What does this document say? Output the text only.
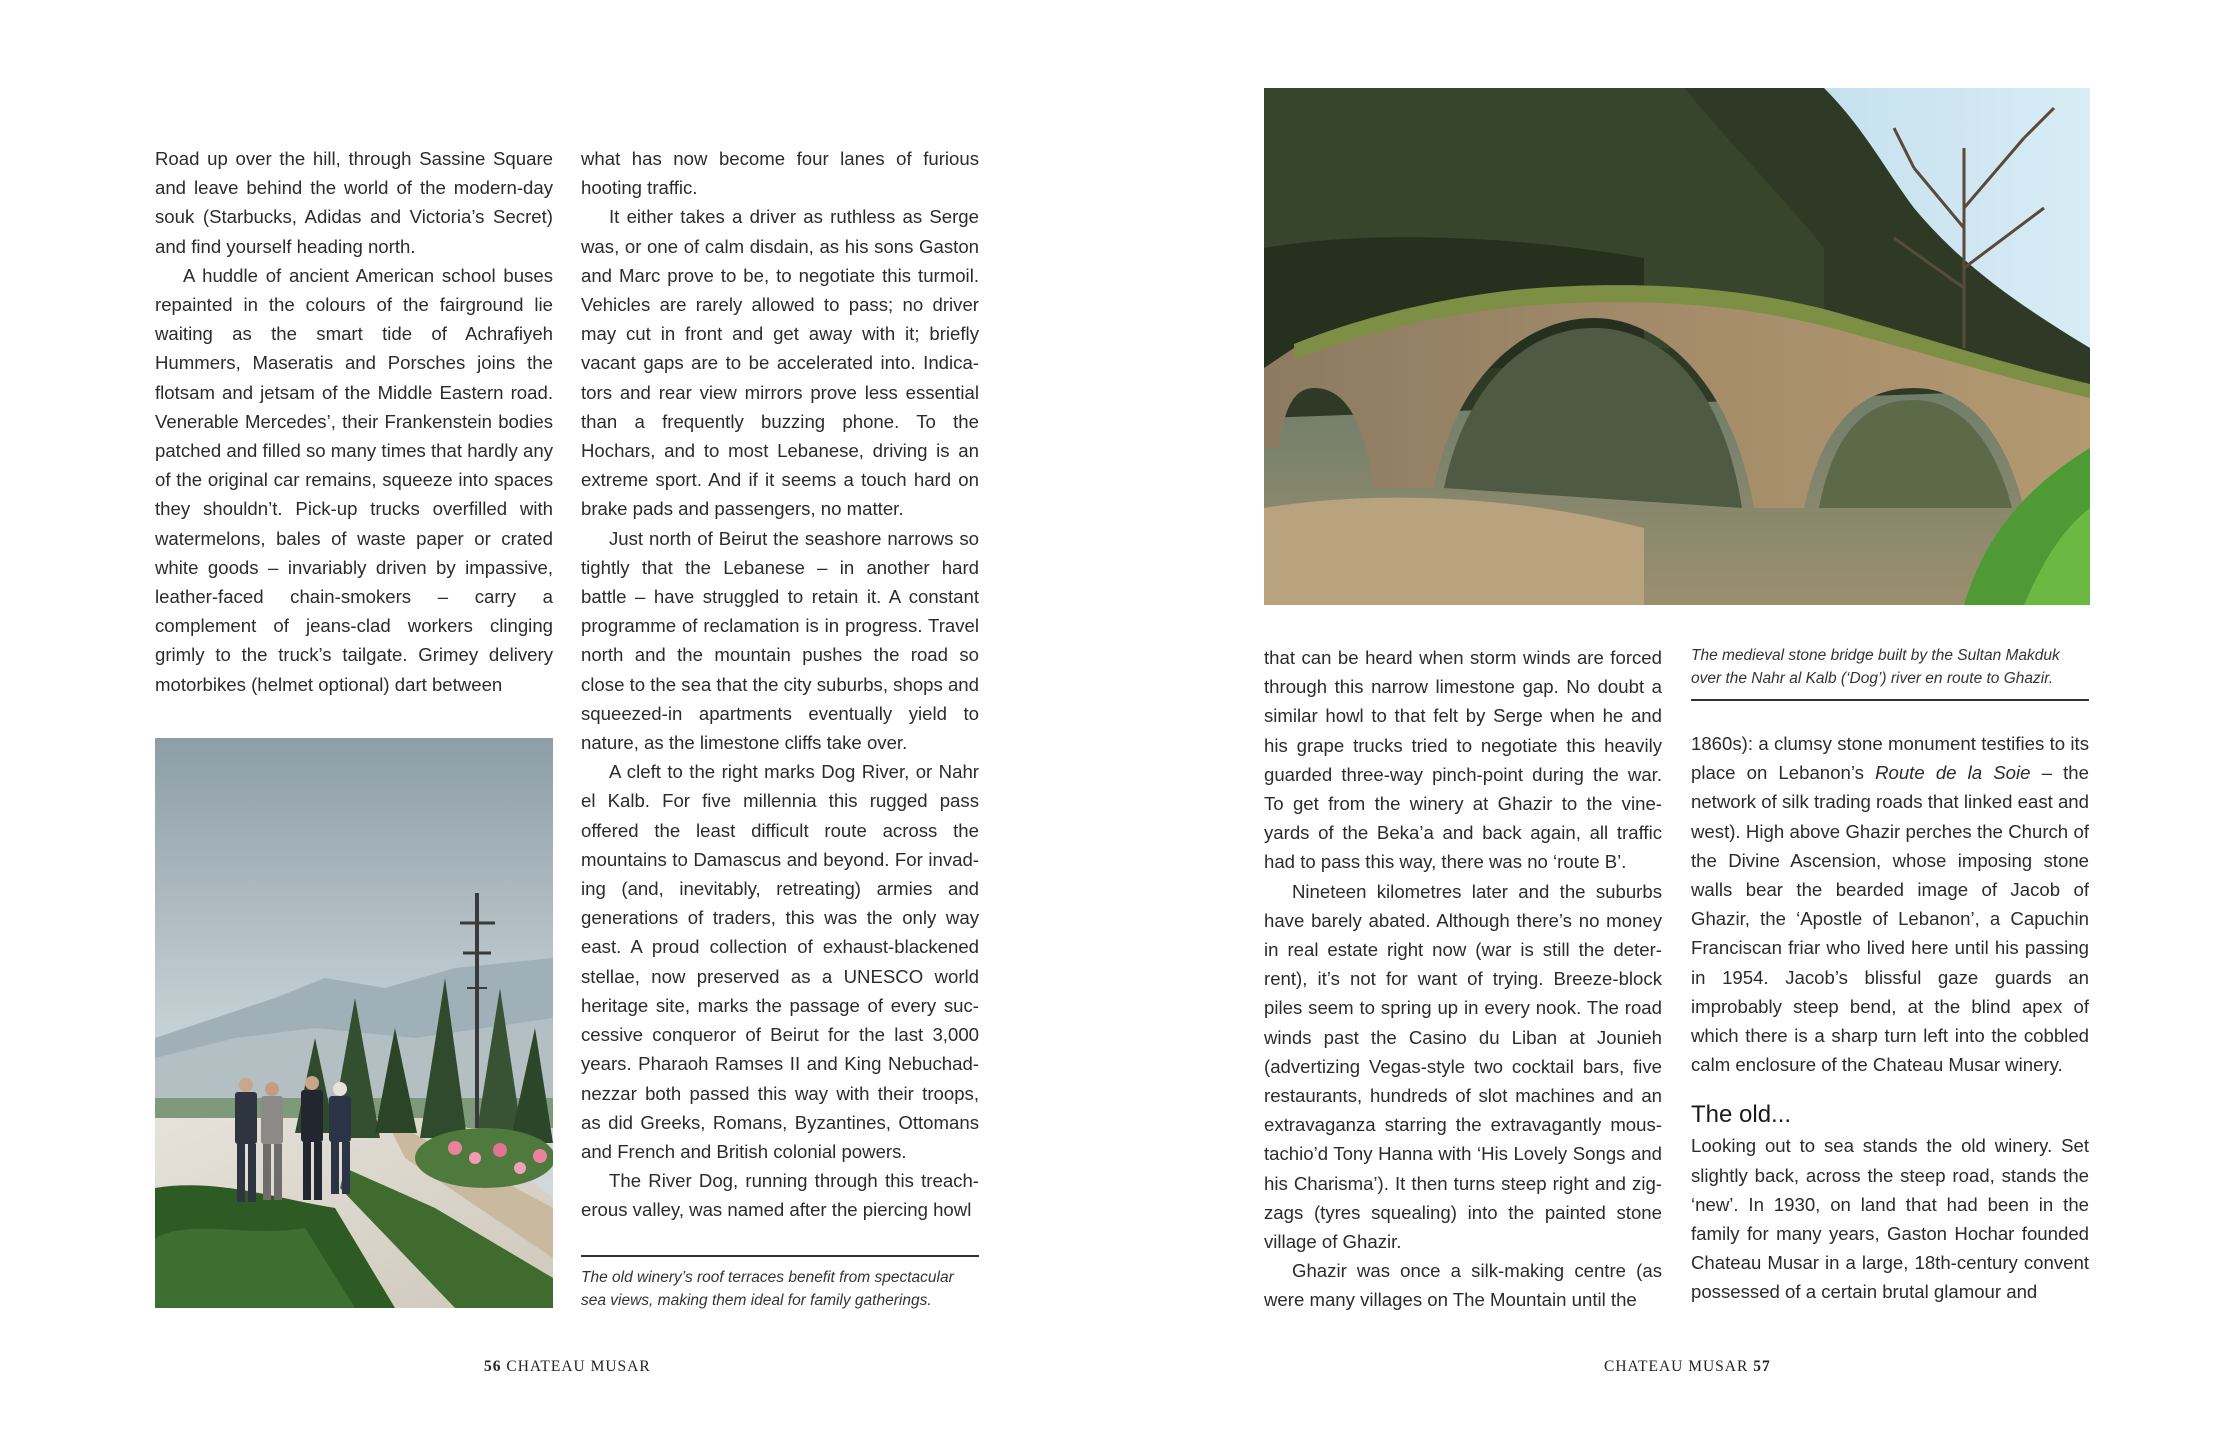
Road up over the hill, through Sassine Square and leave behind the world of the modern-day souk (Starbucks, Adidas and Victoria’s Secret) and find yourself heading north.

A huddle of ancient American school buses repainted in the colours of the fairground lie waiting as the smart tide of Achrafiyeh Hummers, Maseratis and Porsches joins the flotsam and jetsam of the Middle Eastern road. Venerable Mercedes’, their Frankenstein bodies patched and filled so many times that hardly any of the original car remains, squeeze into spaces they shouldn’t. Pick-up trucks overfilled with watermelons, bales of waste paper or crated white goods – invariably driven by impassive, leather-faced chain-smokers – carry a complement of jeans-clad workers clinging grimly to the truck’s tailgate. Grimey delivery motorbikes (helmet optional) dart between

what has now become four lanes of furious hooting traffic.

It either takes a driver as ruthless as Serge was, or one of calm disdain, as his sons Gaston and Marc prove to be, to negotiate this turmoil. Vehicles are rarely allowed to pass; no driver may cut in front and get away with it; briefly vacant gaps are to be accelerated into. Indicators and rear view mirrors prove less essential than a frequently buzzing phone. To the Hochars, and to most Lebanese, driving is an extreme sport. And if it seems a touch hard on brake pads and passengers, no matter.

Just north of Beirut the seashore narrows so tightly that the Lebanese – in another hard battle – have struggled to retain it. A constant programme of reclamation is in progress. Travel north and the mountain pushes the road so close to the sea that the city suburbs, shops and squeezed-in apartments eventually yield to nature, as the limestone cliffs take over.

A cleft to the right marks Dog River, or Nahr el Kalb. For five millennia this rugged pass offered the least difficult route across the mountains to Damascus and beyond. For invading (and, inevitably, retreating) armies and generations of traders, this was the only way east. A proud collection of exhaust-blackened stellae, now preserved as a UNESCO world heritage site, marks the passage of every successive conqueror of Beirut for the last 3,000 years. Pharaoh Ramses II and King Nebuchadnezzar both passed this way with their troops, as did Greeks, Romans, Byzantines, Ottomans and French and British colonial powers.

The River Dog, running through this treacherous valley, was named after the piercing howl

The old winery’s roof terraces benefit from spectacular sea views, making them ideal for family gatherings.
56 CHATEAU MUSAR

that can be heard when storm winds are forced through this narrow limestone gap. No doubt a similar howl to that felt by Serge when he and his grape trucks tried to negotiate this heavily guarded three-way pinch-point during the war. To get from the winery at Ghazir to the vineyards of the Beka’a and back again, all traffic had to pass this way, there was no ‘route B’.

Nineteen kilometres later and the suburbs have barely abated. Although there’s no money in real estate right now (war is still the deterrent), it’s not for want of trying. Breeze-block piles seem to spring up in every nook. The road winds past the Casino du Liban at Jounieh (advertizing Vegas-style two cocktail bars, five restaurants, hundreds of slot machines and an extravaganza starring the extravagantly moustachio’d Tony Hanna with ‘His Lovely Songs and his Charisma’). It then turns steep right and zig-zags (tyres squealing) into the painted stone village of Ghazir.

Ghazir was once a silk-making centre (as were many villages on The Mountain until the

The medieval stone bridge built by the Sultan Makduk over the Nahr al Kalb (‘Dog’) river en route to Ghazir.

1860s): a clumsy stone monument testifies to its place on Lebanon’s Route de la Soie – the network of silk trading roads that linked east and west). High above Ghazir perches the Church of the Divine Ascension, whose imposing stone walls bear the bearded image of Jacob of Ghazir, the ‘Apostle of Lebanon’, a Capuchin Franciscan friar who lived here until his passing in 1954. Jacob’s blissful gaze guards an improbably steep bend, at the blind apex of which there is a sharp turn left into the cobbled calm enclosure of the Chateau Musar winery.

The old...

Looking out to sea stands the old winery. Set slightly back, across the steep road, stands the ‘new’. In 1930, on land that had been in the family for many years, Gaston Hochar founded Chateau Musar in a large, 18th-century convent possessed of a certain brutal glamour and

CHATEAU MUSAR 57
